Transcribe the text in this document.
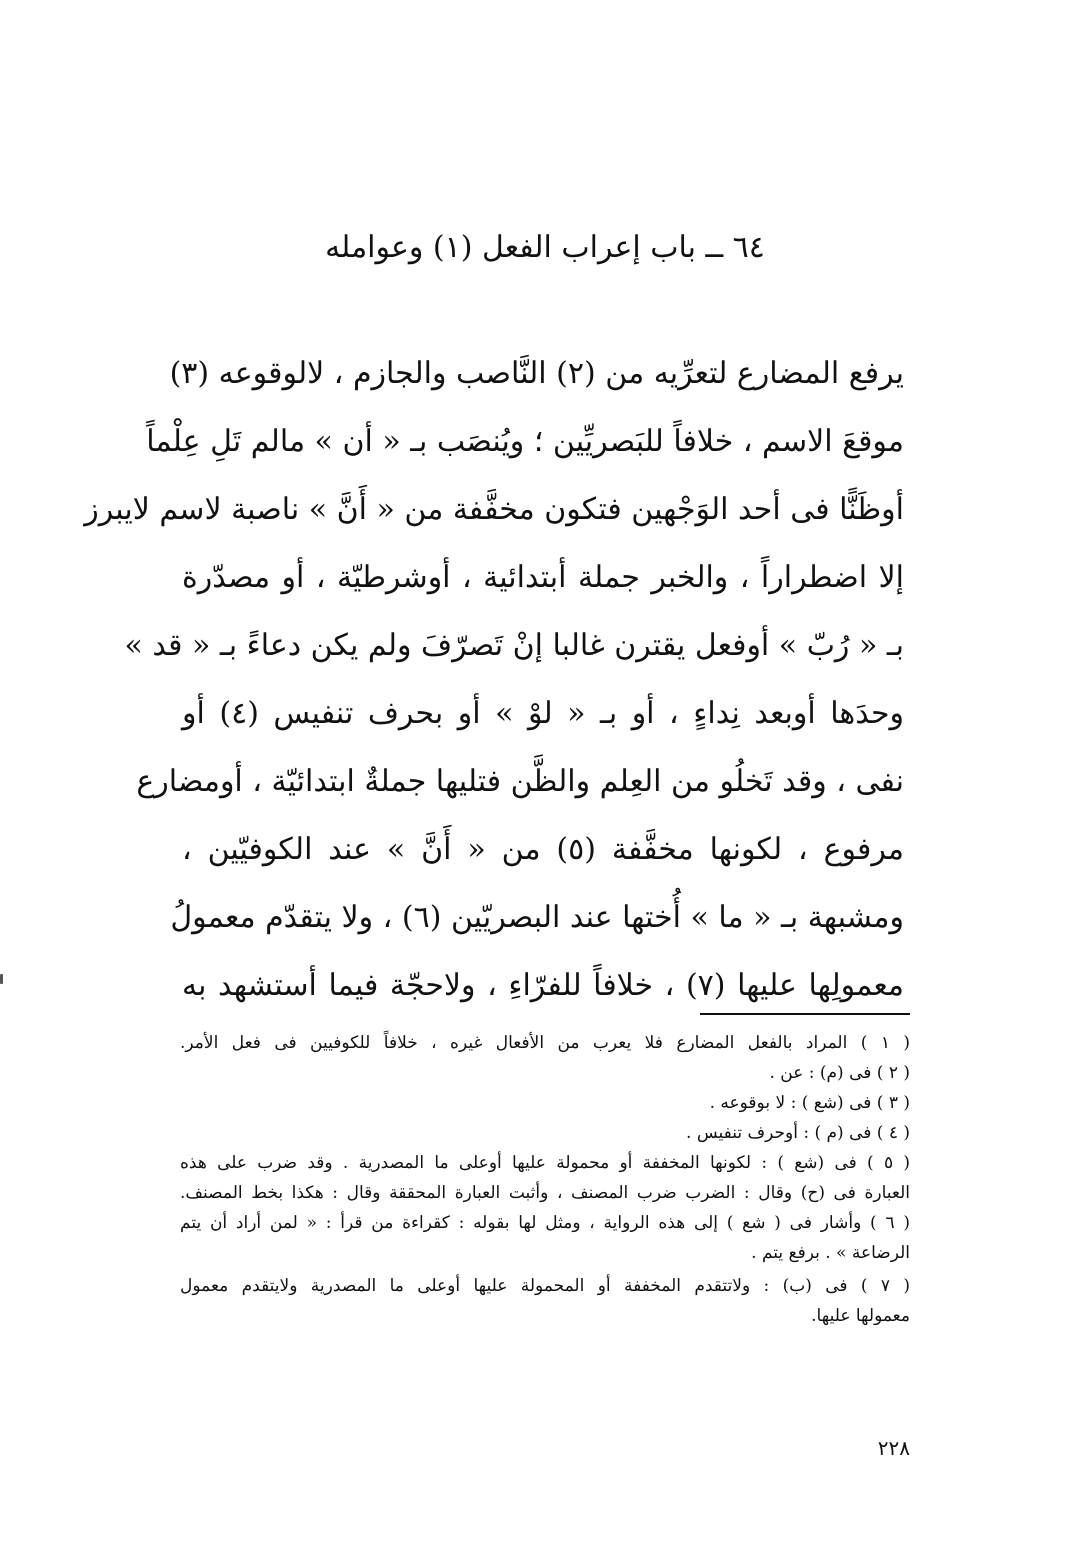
٦٤ ــ باب إعراب الفعل (١) وعوامله
يرفع المضارع لتعرِّيه من (٢) النَّاصب والجازم ، لالوقوعه (٣)
موقعَ الاسم ، خلافاً للبَصريِّين ؛ ويُنصَب بـ « أن » مالم تَلِ عِلْماً
أوظَنًّا فى أحد الوَجْهين فتكون مخفَّفة من « أَنَّ » ناصبة لاسم لايبرز
إلا اضطراراً ، والخبر جملة أبتدائية ، أوشرطيّة ، أو مصدّرة
بـ « رُبّ » أوفعل يقترن غالبا إنْ تَصرّفَ ولم يكن دعاءً بـ « قد »
وحدَها أوبعد نِداءٍ ، أو بـ « لوْ » أو بحرف تنفيس (٤) أو
نفى ، وقد تَخلُو من العِلم والظَّن فتليها جملةٌ ابتدائيّة ، أومضارع
مرفوع ، لكونها مخفَّفة (٥) من « أَنَّ » عند الكوفيّين ،
ومشبهة بـ « ما » أُختها عند البصريّين (٦) ، ولا يتقدّم معمولُ
معمولِها عليها (٧) ، خلافاً للفرّاءِ ، ولاحجّة فيما أستشهد به
( ١ ) المراد بالفعل المضارع فلا يعرب من الأفعال غيره ، خلافاً للكوفيين فى فعل الأمر.
( ٢ ) فى (م) : عن .
( ٣ ) فى (شع ) : لا بوقوعه .
( ٤ ) فى (م ) : أوحرف تنفيس .
( ٥ ) فى (شع ) : لكونها المخففة أو محمولة عليها أوعلى ما المصدرية . وقد ضرب على هذه
العبارة فى (ح) وقال : الضرب ضرب المصنف ، وأثبت العبارة المحققة وقال : هكذا بخط المصنف.
( ٦ ) وأشار فى ( شع ) إلى هذه الرواية ، ومثل لها بقوله : كقراءة من قرأ : « لمن أراد أن يتم
الرضاعة » . برفع يتم .
( ٧ ) فى (ب) : ولاتتقدم المخففة أو المحمولة عليها أوعلى ما المصدرية ولايتقدم معمول
معمولها عليها.
٢٢٨
